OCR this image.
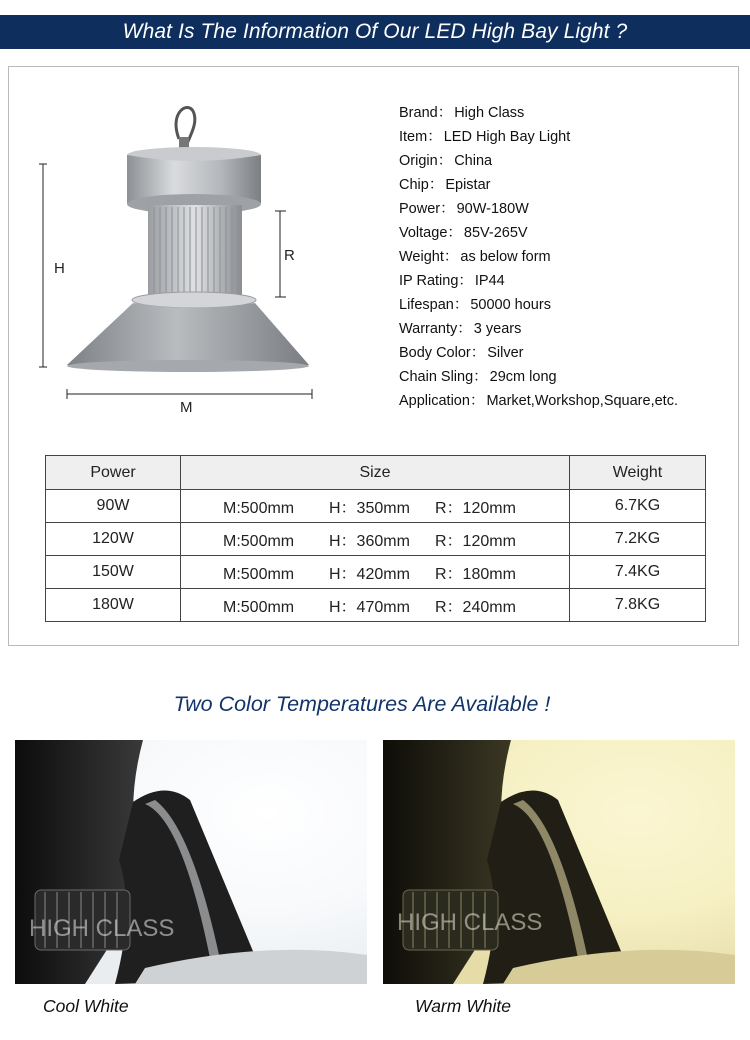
What Is The Information Of Our LED High Bay Light ?
H
R
M
Brand： High Class
Item： LED High Bay Light
Origin： China
Chip： Epistar
Power： 90W-180W
Voltage： 85V-265V
Weight： as below form
IP Rating： IP44
Lifespan： 50000 hours
Warranty： 3 years
Body Color： Silver
Chain Sling： 29cm long
Application： Market,Workshop,Square,etc.
Power	Size	Weight
90W	M:500mm H：350mm R：120mm	6.7KG
120W	M:500mm H：360mm R：120mm	7.2KG
150W	M:500mm H：420mm R：180mm	7.4KG
180W	M:500mm H：470mm R：240mm	7.8KG
Two Color Temperatures Are Available !
HIGH CLASS
Cool White
HIGH CLASS
Warm White
